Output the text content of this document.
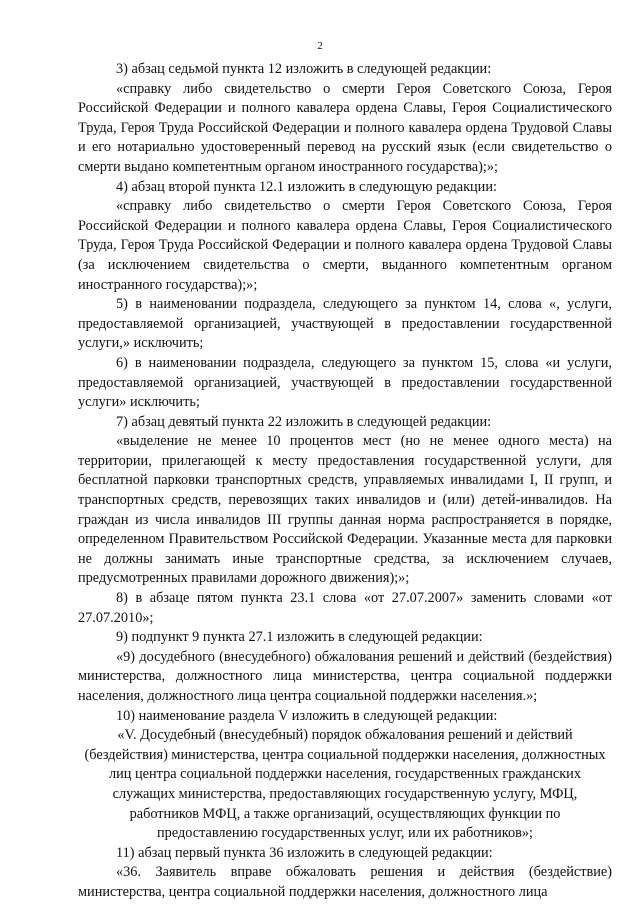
2

3) абзац седьмой пункта 12 изложить в следующей редакции:

«справку либо свидетельство о смерти Героя Советского Союза, Героя Российской Федерации и полного кавалера ордена Славы, Героя Социалистического Труда, Героя Труда Российской Федерации и полного кавалера ордена Трудовой Славы и его нотариально удостоверенный перевод на русский язык (если свидетельство о смерти выдано компетентным органом иностранного государства);»;

4) абзац второй пункта 12.1 изложить в следующую редакции:

«справку либо свидетельство о смерти Героя Советского Союза, Героя Российской Федерации и полного кавалера ордена Славы, Героя Социалистического Труда, Героя Труда Российской Федерации и полного кавалера ордена Трудовой Славы (за исключением свидетельства о смерти, выданного компетентным органом иностранного государства);»;

5) в наименовании подраздела, следующего за пунктом 14, слова «, услуги, предоставляемой организацией, участвующей в предоставлении государственной услуги,» исключить;

6) в наименовании подраздела, следующего за пунктом 15, слова «и услуги, предоставляемой организацией, участвующей в предоставлении государственной услуги» исключить;

7) абзац девятый пункта 22 изложить в следующей редакции:

«выделение не менее 10 процентов мест (но не менее одного места) на территории, прилегающей к месту предоставления государственной услуги, для бесплатной парковки транспортных средств, управляемых инвалидами I, II групп, и транспортных средств, перевозящих таких инвалидов и (или) детей-инвалидов. На граждан из числа инвалидов III группы данная норма распространяется в порядке, определенном Правительством Российской Федерации. Указанные места для парковки не должны занимать иные транспортные средства, за исключением случаев, предусмотренных правилами дорожного движения);»;

8) в абзаце пятом пункта 23.1 слова «от 27.07.2007» заменить словами «от 27.07.2010»;

9) подпункт 9 пункта 27.1 изложить в следующей редакции:

«9) досудебного (внесудебного) обжалования решений и действий (бездействия) министерства, должностного лица министерства, центра социальной поддержки населения, должностного лица центра социальной поддержки населения.»;

10) наименование раздела V изложить в следующей редакции:

«V. Досудебный (внесудебный) порядок обжалования решений и действий (бездействия) министерства, центра социальной поддержки населения, должностных лиц центра социальной поддержки населения, государственных гражданских служащих министерства, предоставляющих государственную услугу, МФЦ, работников МФЦ, а также организаций, осуществляющих функции по предоставлению государственных услуг, или их работников»;

11) абзац первый пункта 36 изложить в следующей редакции:

«36. Заявитель вправе обжаловать решения и действия (бездействие) министерства, центра социальной поддержки населения, должностного лица
